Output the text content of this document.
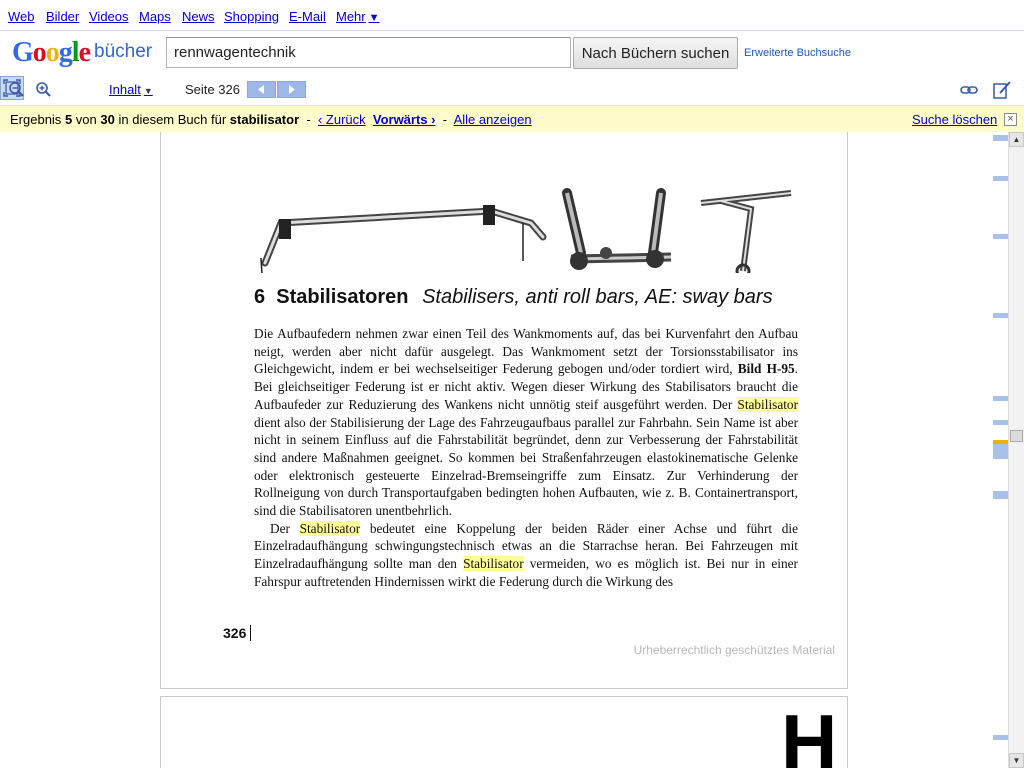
Web Bilder Videos Maps News Shopping E-Mail Mehr ▼
Google bücher	rennwagentechnik	Nach Büchern suchen	Erweiterte Buchsuche
Inhalt ▼ Seite 326
Ergebnis 5 von 30 in diesem Buch für stabilisator - ‹ Zurück Vorwärts › - Alle anzeigen	Suche löschen ×
6 Stabilisatoren Stabilisers, anti roll bars, AE: sway bars

Die Aufbaufedern nehmen zwar einen Teil des Wankmoments auf, das bei Kurvenfahrt den Aufbau neigt, werden aber nicht dafür ausgelegt. Das Wankmoment setzt der Torsionsstabilisator ins Gleichgewicht, indem er bei wechselseitiger Federung gebogen und/oder tordiert wird, Bild H-95. Bei gleichseitiger Federung ist er nicht aktiv. Wegen dieser Wirkung des Stabilisators braucht die Aufbaufeder zur Reduzierung des Wankens nicht unnötig steif ausgeführt werden. Der Stabilisator dient also der Stabilisierung der Lage des Fahrzeugaufbaus parallel zur Fahrbahn. Sein Name ist aber nicht in seinem Einfluss auf die Fahrstabilität begründet, denn zur Verbesserung der Fahrstabilität sind andere Maßnahmen geeignet. So kommen bei Straßenfahrzeugen elastokinematische Gelenke oder elektronisch gesteuerte Einzelrad-Bremseingriffe zum Einsatz. Zur Verhinderung der Rollneigung von durch Transportaufgaben bedingten hohen Aufbauten, wie z. B. Containertransport, sind die Stabilisatoren unentbehrlich.

Der Stabilisator bedeutet eine Koppelung der beiden Räder einer Achse und führt die Einzelradaufhängung schwingungstechnisch etwas an die Starrachse heran. Bei Fahrzeugen mit Einzelradaufhängung sollte man den Stabilisator vermeiden, wo es möglich ist. Bei nur in einer Fahrspur auftretenden Hindernissen wirkt die Federung durch die Wirkung des

326
Urheberrechtlich geschütztes Material
H
▲
▼
